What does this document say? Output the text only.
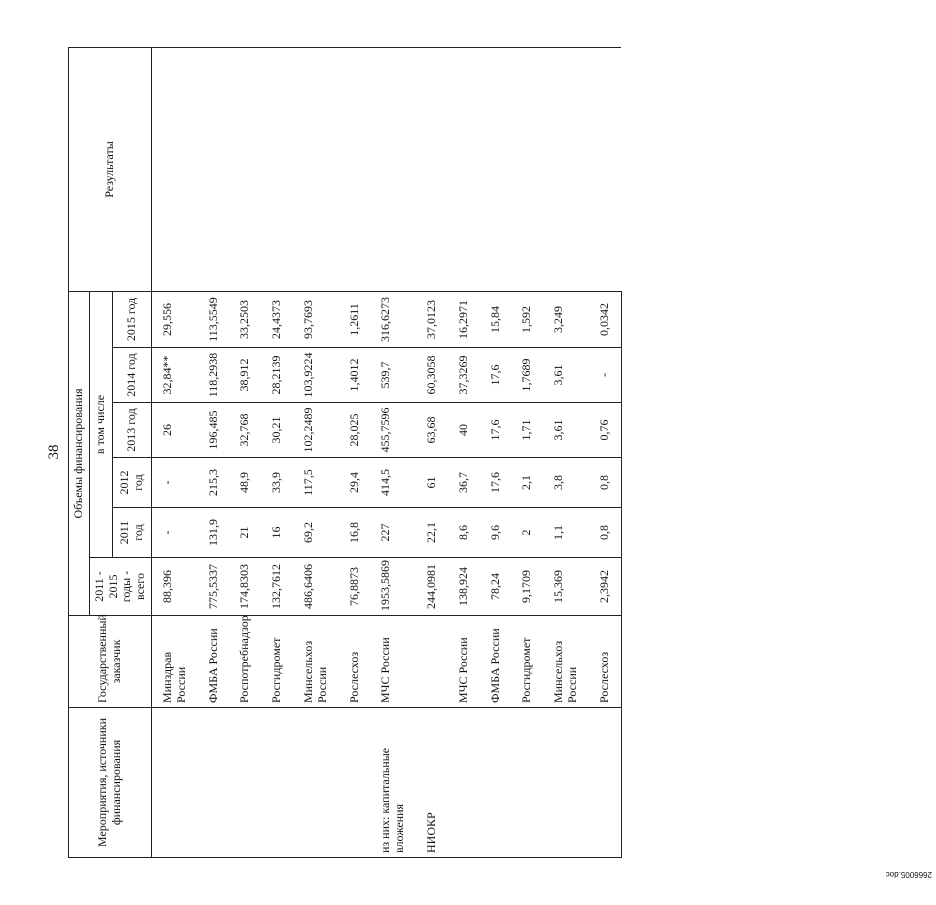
38
Мероприятия, источники финансирования	Государственный заказчик	Объемы финансирования						Результаты
		2011 - 2015 годы - всего	в том числе					
			2011 год	2012 год	2013 год	2014 год	2015 год	
	Минздрав России	88,396	-	-	26	32,84**	29,556	
	ФМБА России	775,5337	131,9	215,3	196,485	118,2938	113,5549	
	Роспотребнадзор	174,8303	21	48,9	32,768	38,912	33,2503	
	Росгидромет	132,7612	16	33,9	30,21	28,2139	24,4373	
	Минсельхоз России	486,6406	69,2	117,5	102,2489	103,9224	93,7693	
	Рослесхоз	76,8873	16,8	29,4	28,025	1,4012	1,2611	
из них: капитальные вложения	МЧС России	1953,5869	227	414,5	455,7596	539,7	316,6273	
НИОКР		244,0981	22,1	61	63,68	60,3058	37,0123	
	МЧС России	138,924	8,6	36,7	40	37,3269	16,2971	
	ФМБА России	78,24	9,6	17,6	17,6	17,6	15,84	
	Росгидромет	9,1709	2	2,1	1,71	1,7689	1,592	
	Минсельхоз России	15,369	1,1	3,8	3,61	3,61	3,249	
	Рослесхоз	2,3942	0,8	0,8	0,76	-	0,0342	
2666005.doc
